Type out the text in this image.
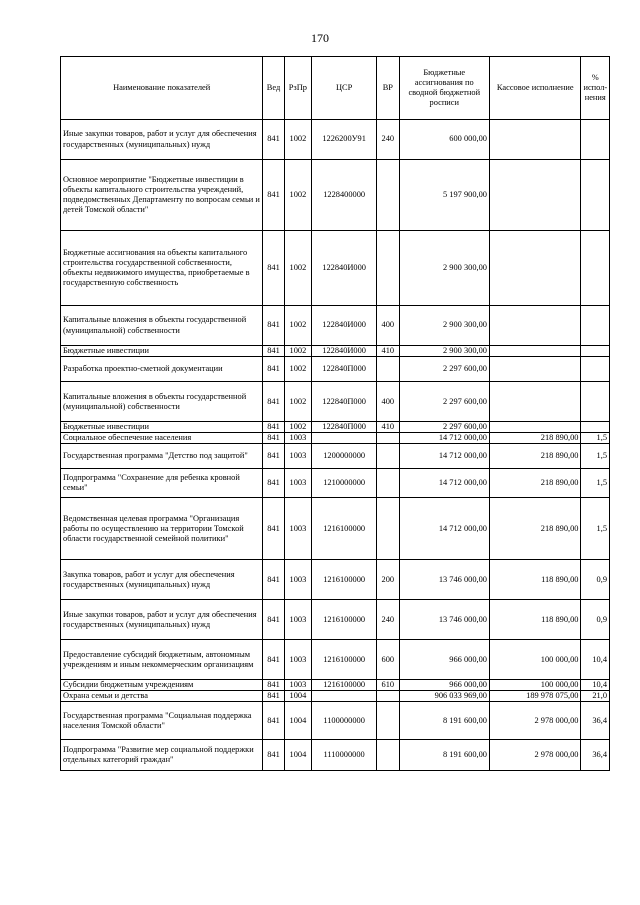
170
Наименование показателей	Вед	РзПр	ЦСР	ВР	Бюджетные ассигнования по сводной бюджетной росписи	Кассовое исполнение	% испол-нения
Иные закупки товаров, работ и услуг для обеспечения государственных (муниципальных) нужд	841	1002	1226200У91	240	600 000,00		
Основное мероприятие "Бюджетные инвестиции в объекты капитального строительства учреждений, подведомственных Департаменту по вопросам семьи и детей Томской области"	841	1002	1228400000		5 197 900,00		
Бюджетные ассигнования на объекты капитального строительства государственной собственности, объекты недвижимого имущества, приобретаемые в государственную собственность	841	1002	122840И000		2 900 300,00		
Капитальные вложения в объекты государственной (муниципальной) собственности	841	1002	122840И000	400	2 900 300,00		
Бюджетные инвестиции	841	1002	122840И000	410	2 900 300,00		
Разработка проектно-сметной документации	841	1002	122840П000		2 297 600,00		
Капитальные вложения в объекты государственной (муниципальной) собственности	841	1002	122840П000	400	2 297 600,00		
Бюджетные инвестиции	841	1002	122840П000	410	2 297 600,00		
Социальное обеспечение населения	841	1003			14 712 000,00	218 890,00	1,5
Государственная программа "Детство под защитой"	841	1003	1200000000		14 712 000,00	218 890,00	1,5
Подпрограмма "Сохранение для ребенка кровной семьи"	841	1003	1210000000		14 712 000,00	218 890,00	1,5
Ведомственная целевая программа "Организация работы по осуществлению на территории Томской области государственной семейной политики"	841	1003	1216100000		14 712 000,00	218 890,00	1,5
Закупка товаров, работ и услуг для обеспечения государственных (муниципальных) нужд	841	1003	1216100000	200	13 746 000,00	118 890,00	0,9
Иные закупки товаров, работ и услуг для обеспечения государственных (муниципальных) нужд	841	1003	1216100000	240	13 746 000,00	118 890,00	0,9
Предоставление субсидий бюджетным, автономным учреждениям и иным некоммерческим организациям	841	1003	1216100000	600	966 000,00	100 000,00	10,4
Субсидии бюджетным учреждениям	841	1003	1216100000	610	966 000,00	100 000,00	10,4
Охрана семьи и детства	841	1004			906 033 969,00	189 978 075,00	21,0
Государственная программа "Социальная поддержка населения Томской области"	841	1004	1100000000		8 191 600,00	2 978 000,00	36,4
Подпрограмма "Развитие мер социальной поддержки отдельных категорий граждан"	841	1004	1110000000		8 191 600,00	2 978 000,00	36,4
